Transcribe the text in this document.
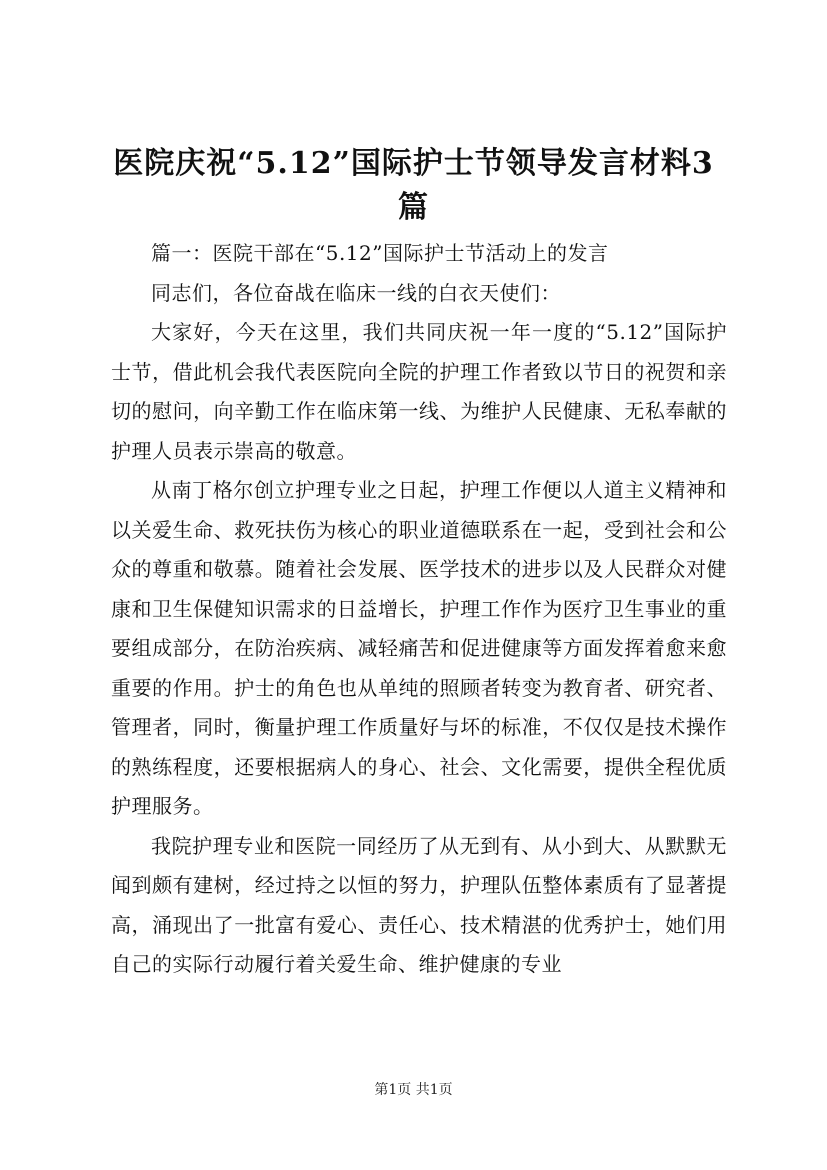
医院庆祝“5.12”国际护士节领导发言材料3篇

篇一：医院干部在“5.12”国际护士节活动上的发言

同志们，各位奋战在临床一线的白衣天使们：

大家好，今天在这里，我们共同庆祝一年一度的“5.12”国际护士节，借此机会我代表医院向全院的护理工作者致以节日的祝贺和亲切的慰问，向辛勤工作在临床第一线、为维护人民健康、无私奉献的护理人员表示崇高的敬意。

从南丁格尔创立护理专业之日起，护理工作便以人道主义精神和以关爱生命、救死扶伤为核心的职业道德联系在一起，受到社会和公众的尊重和敬慕。随着社会发展、医学技术的进步以及人民群众对健康和卫生保健知识需求的日益增长，护理工作作为医疗卫生事业的重要组成部分，在防治疾病、减轻痛苦和促进健康等方面发挥着愈来愈重要的作用。护士的角色也从单纯的照顾者转变为教育者、研究者、管理者，同时，衡量护理工作质量好与坏的标准，不仅仅是技术操作的熟练程度，还要根据病人的身心、社会、文化需要，提供全程优质护理服务。

我院护理专业和医院一同经历了从无到有、从小到大、从默默无闻到颇有建树，经过持之以恒的努力，护理队伍整体素质有了显著提高，涌现出了一批富有爱心、责任心、技术精湛的优秀护士，她们用自己的实际行动履行着关爱生命、维护健康的专业

第1页 共1页
